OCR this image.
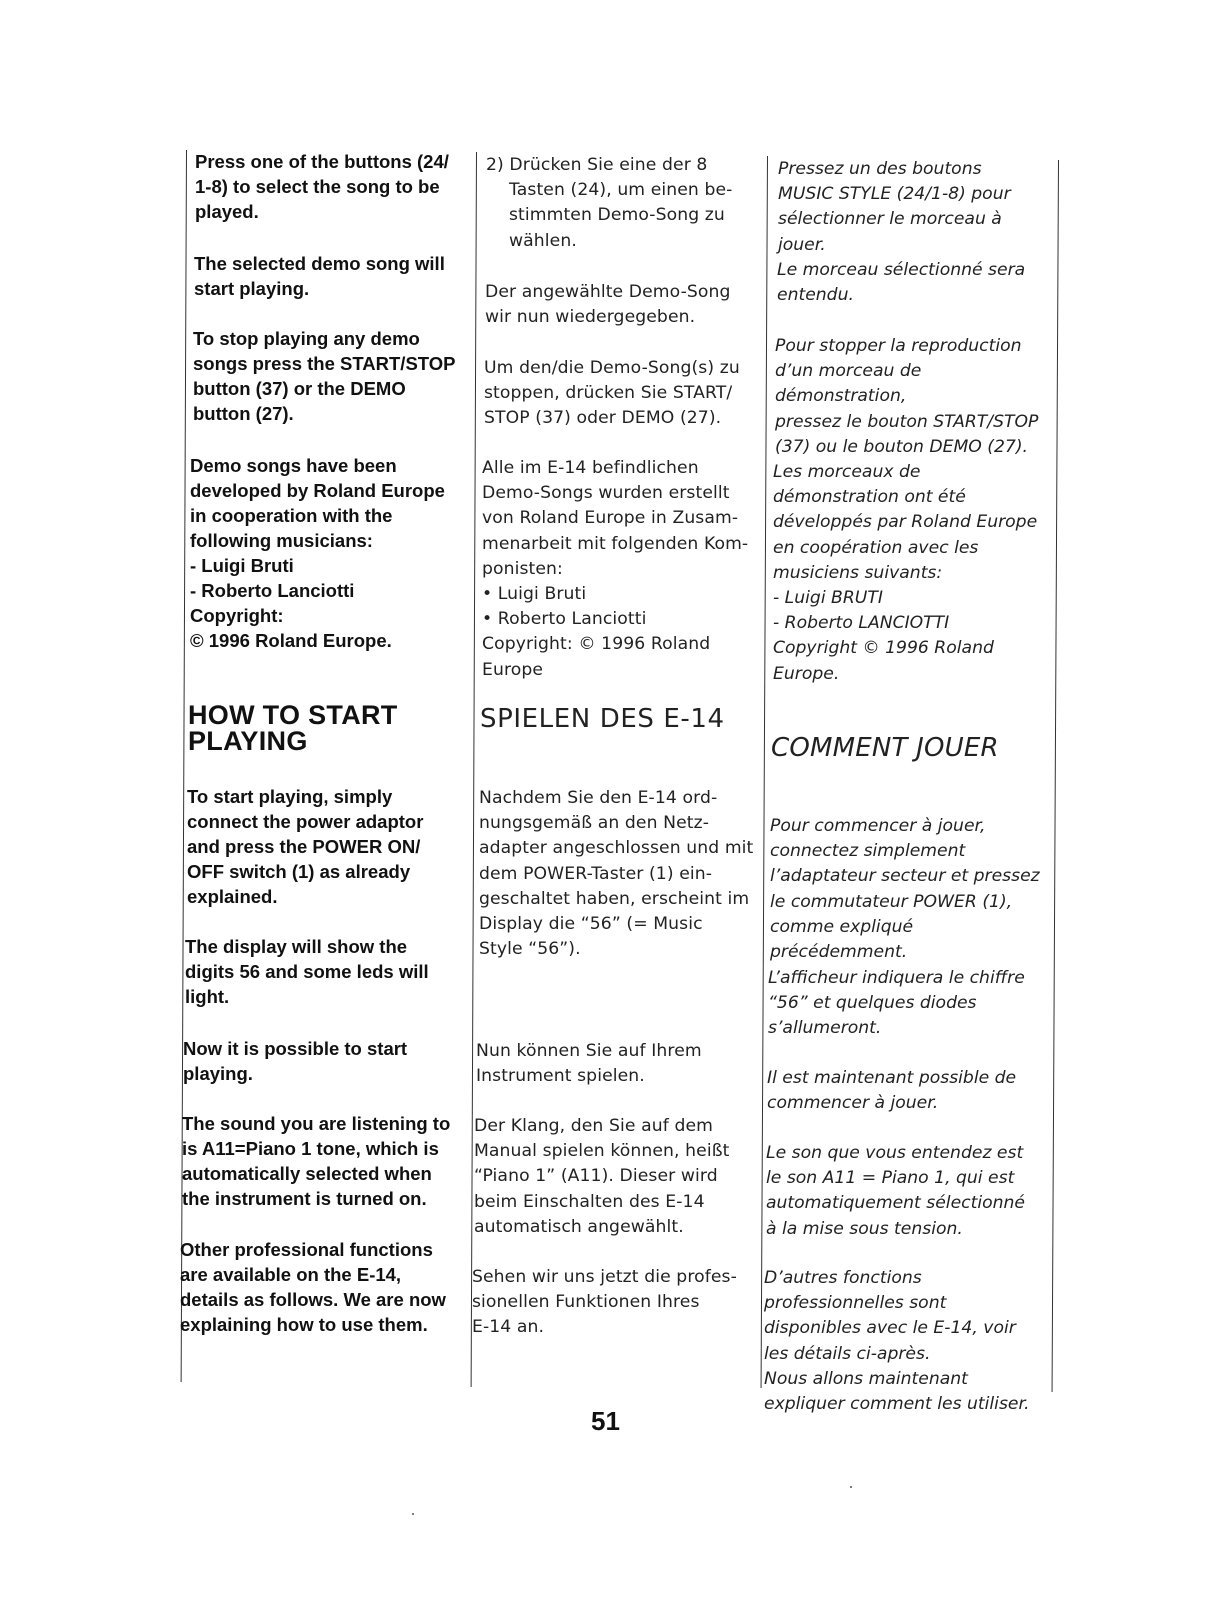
Press one of the buttons (24/
1-8) to select the song to be
played.

The selected demo song will
start playing.

To stop playing any demo
songs press the START/STOP
button (37) or the DEMO
button (27).

Demo songs have been
developed by Roland Europe
in cooperation with the
following musicians:
- Luigi Bruti
- Roberto Lanciotti
Copyright:
© 1996 Roland Europe.

HOW TO START
PLAYING

To start playing, simply
connect the power adaptor
and press the POWER ON/
OFF switch (1) as already
explained.

The display will show the
digits 56 and some leds will
light.

Now it is possible to start
playing.

The sound you are listening to
is A11=Piano 1 tone, which is
automatically selected when
the instrument is turned on.

Other professional functions
are available on the E-14,
details as follows. We are now
explaining how to use them.

2) Drücken Sie eine der 8
Tasten (24), um einen be-
stimmten Demo-Song zu
wählen.

Der angewählte Demo-Song
wir nun wiedergegeben.

Um den/die Demo-Song(s) zu
stoppen, drücken Sie START/
STOP (37) oder DEMO (27).

Alle im E-14 befindlichen
Demo-Songs wurden erstellt
von Roland Europe in Zusam-
menarbeit mit folgenden Kom-
ponisten:
• Luigi Bruti
• Roberto Lanciotti
Copyright: © 1996 Roland
Europe

SPIELEN DES E-14

Nachdem Sie den E-14 ord-
nungsgemäß an den Netz-
adapter angeschlossen und mit
dem POWER-Taster (1) ein-
geschaltet haben, erscheint im
Display die “56” (= Music
Style “56”).

Nun können Sie auf Ihrem
Instrument spielen.

Der Klang, den Sie auf dem
Manual spielen können, heißt
“Piano 1” (A11). Dieser wird
beim Einschalten des E-14
automatisch angewählt.

Sehen wir uns jetzt die profes-
sionellen Funktionen Ihres
E-14 an.

Pressez un des boutons
MUSIC STYLE (24/1-8) pour
sélectionner le morceau à jouer.

Le morceau sélectionné sera
entendu.

Pour stopper la reproduction
d’un morceau de démonstration,
pressez le bouton START/STOP
(37) ou le bouton DEMO (27).

Les morceaux de
démonstration ont été
développés par Roland Europe
en coopération avec les
musiciens suivants:
- Luigi BRUTI
- Roberto LANCIOTTI
Copyright © 1996 Roland
Europe.

COMMENT JOUER

Pour commencer à jouer,
connectez simplement
l’adaptateur secteur et pressez
le commutateur POWER (1),
comme expliqué précédemment.

L’afficheur indiquera le chiffre
“56” et quelques diodes
s’allumeront.

Il est maintenant possible de
commencer à jouer.

Le son que vous entendez est
le son A11 = Piano 1, qui est
automatiquement sélectionné
à la mise sous tension.

D’autres fonctions
professionnelles sont
disponibles avec le E-14, voir
les détails ci-après.
Nous allons maintenant
expliquer comment les utiliser.

51
